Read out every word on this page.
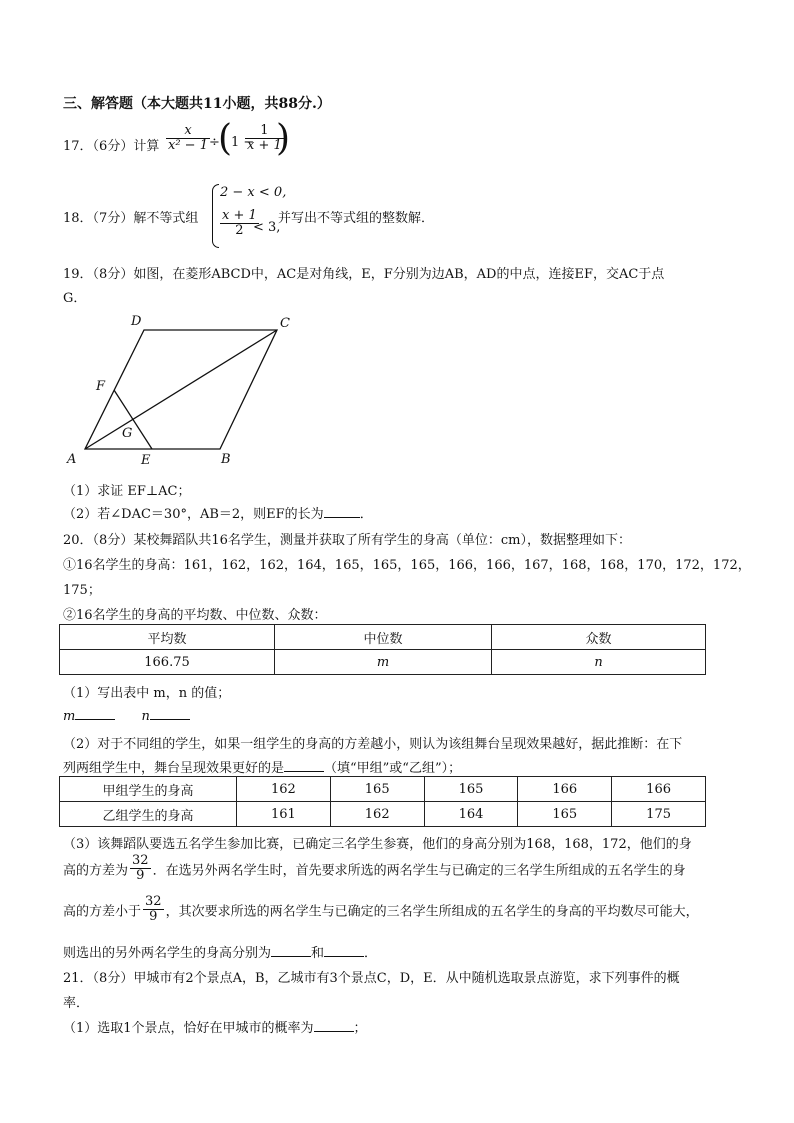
三、解答题（本大题共11小题，共88分.）
17．（6分）计算 $\frac{x}{\text{x² − 1}}$ ÷
(
1 −
$\frac{1}{x + 1}$
)
18．（7分）解不等式组
2 − x < 0,
$\frac{x + 1}{2}$
< 3,
并写出不等式组的整数解．
19．（8分）如图，在菱形ABCD中，AC是对角线，E，F分别为边AB，AD的中点，连接EF，交AC于点
G．
A	B
C
D
E
F
G
（1）求证 EF⊥AC；
（2）若∠DAC＝30°，AB＝2，则EF的长为	．
20．（8分）某校舞蹈队共16名学生，测量并获取了所有学生的身高（单位：cm），数据整理如下：
①16名学生的身高：161，162，162，164，165，165，165，166，166，167，168，168，170，172，172，
175；
②16名学生的身高的平均数、中位数、众数：
平均数	中位数	众数
166.75	m	n
（1）写出表中 m，n 的值；
m	n
（2）对于不同组的学生，如果一组学生的身高的方差越小，则认为该组舞台呈现效果越好，据此推断：在下
列两组学生中，舞台呈现效果更好的是	（填“甲组”或“乙组”）；
甲组学生的身高	162	165	165	166	166
乙组学生的身高	161	162	164	165	175
（3）该舞蹈队要选五名学生参加比赛，已确定三名学生参赛，他们的身高分别为168，168，172，他们的身
高的方差为 $\frac{32}{9}$ ．在选另外两名学生时，首先要求所选的两名学生与已确定的三名学生所组成的五名学生的身
高的方差小于 $\frac{32}{9}$ ，其次要求所选的两名学生与已确定的三名学生所组成的五名学生的身高的平均数尽可能大，
则选出的另外两名学生的身高分别为	和	．
21．（8分）甲城市有2个景点A，B，乙城市有3个景点C，D，E．从中随机选取景点游览，求下列事件的概
率．
（1）选取1个景点，恰好在甲城市的概率为	；
